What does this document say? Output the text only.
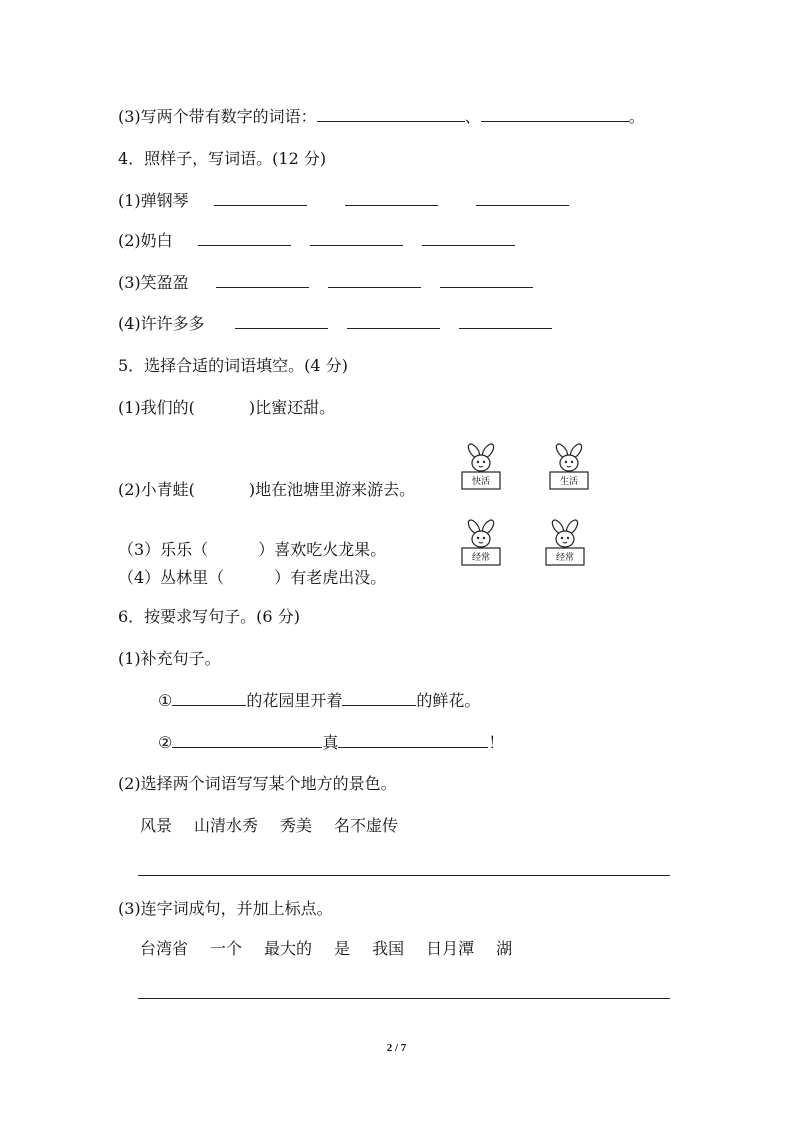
(3)写两个带有数字的词语：	、	。
4．照样子，写词语。(12 分)
(1)弹钢琴
(2)奶白
(3)笑盈盈
(4)许许多多
5．选择合适的词语填空。(4 分)
(1)我们的(	)比蜜还甜。
(2)小青蛙(	)地在池塘里游来游去。
（3）乐乐（	）喜欢吃火龙果。
（4）丛林里（	）有老虎出没。
快活	生活
经常	经常
6．按要求写句子。(6 分)
(1)补充句子。
①	的花园里开着	的鲜花。
②	真	！
(2)选择两个词语写写某个地方的景色。
风景 山清水秀 秀美 名不虚传
(3)连字词成句，并加上标点。
台湾省 一个 最大的 是 我国 日月潭 湖
2 / 7
